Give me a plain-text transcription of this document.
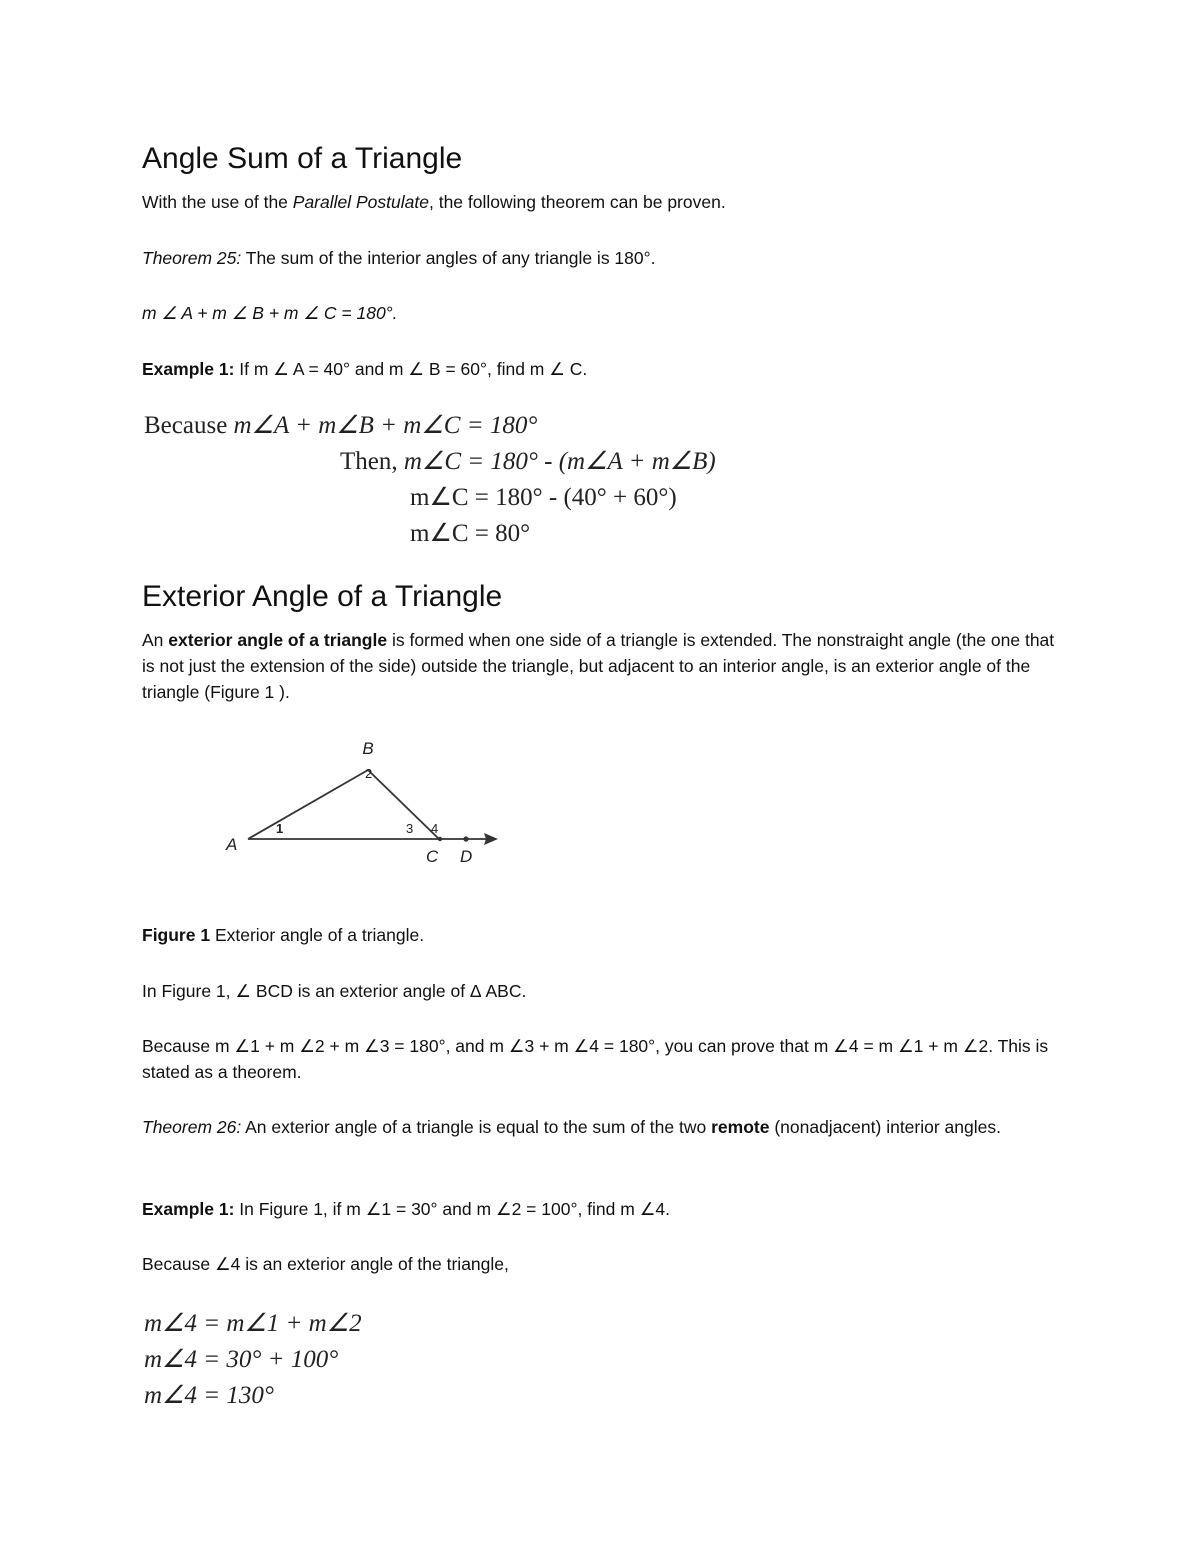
Angle Sum of a Triangle

With the use of the Parallel Postulate, the following theorem can be proven.

Theorem 25: The sum of the interior angles of any triangle is 180°.

m ∠ A + m ∠ B + m ∠ C = 180°.

Example 1: If m ∠ A = 40° and m ∠ B = 60°, find m ∠ C.

Because m∠A + m∠B + m∠C = 180°
Then, m∠C = 180° - (m∠A + m∠B)
m∠C = 180° - (40° + 60°)
m∠C = 80°
Exterior Angle of a Triangle

An exterior angle of a triangle is formed when one side of a triangle is extended. The nonstraight angle (the one that is not just the extension of the side) outside the triangle, but adjacent to an interior angle, is an exterior angle of the triangle (Figure 1 ).

B
A
C D
1
2
3 4

Figure 1 Exterior angle of a triangle.

In Figure 1, ∠ BCD is an exterior angle of Δ ABC.

Because m ∠1 + m ∠2 + m ∠3 = 180°, and m ∠3 + m ∠4 = 180°, you can prove that m ∠4 = m ∠1 + m ∠2. This is stated as a theorem.

Theorem 26: An exterior angle of a triangle is equal to the sum of the two remote (nonadjacent) interior angles.

Example 1: In Figure 1, if m ∠1 = 30° and m ∠2 = 100°, find m ∠4.

Because ∠4 is an exterior angle of the triangle,

m∠4 = m∠1 + m∠2
m∠4 = 30° + 100°
m∠4 = 130°
